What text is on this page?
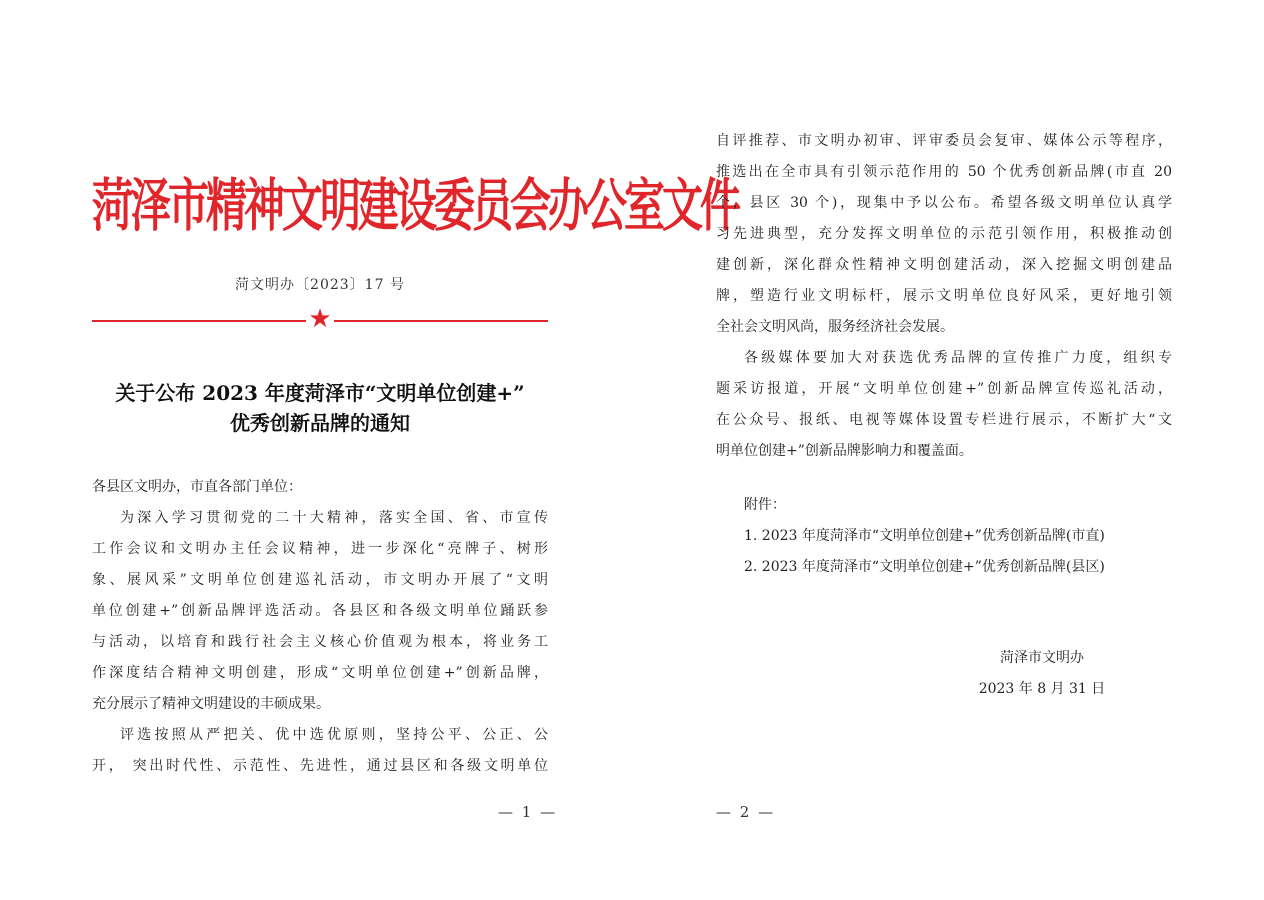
菏泽市精神文明建设委员会办公室文件
菏文明办〔2023〕17 号
★
关于公布 2023 年度菏泽市“文明单位创建+”
优秀创新品牌的通知
各县区文明办，市直各部门单位：
为深入学习贯彻党的二十大精神，落实全国、省、市宣传
工作会议和文明办主任会议精神，进一步深化“亮牌子、树形
象、展风采”文明单位创建巡礼活动，市文明办开展了“文明
单位创建+”创新品牌评选活动。各县区和各级文明单位踊跃参
与活动，以培育和践行社会主义核心价值观为根本，将业务工
作深度结合精神文明创建，形成“文明单位创建+”创新品牌，
充分展示了精神文明建设的丰硕成果。
评选按照从严把关、优中选优原则，坚持公平、公正、公
开， 突出时代性、示范性、先进性，通过县区和各级文明单位
— 1 —
自评推荐、市文明办初审、评审委员会复审、媒体公示等程序，
推选出在全市具有引领示范作用的 50 个优秀创新品牌(市直 20
个，县区 30 个)，现集中予以公布。希望各级文明单位认真学
习先进典型，充分发挥文明单位的示范引领作用，积极推动创
建创新，深化群众性精神文明创建活动，深入挖掘文明创建品
牌，塑造行业文明标杆，展示文明单位良好风采，更好地引领
全社会文明风尚，服务经济社会发展。
各级媒体要加大对获选优秀品牌的宣传推广力度，组织专
题采访报道，开展“文明单位创建+”创新品牌宣传巡礼活动，
在公众号、报纸、电视等媒体设置专栏进行展示，不断扩大“文
明单位创建+”创新品牌影响力和覆盖面。
附件：
1. 2023 年度菏泽市“文明单位创建+”优秀创新品牌(市直)
2. 2023 年度菏泽市“文明单位创建+”优秀创新品牌(县区)
菏泽市文明办
2023 年 8 月 31 日
— 2 —
